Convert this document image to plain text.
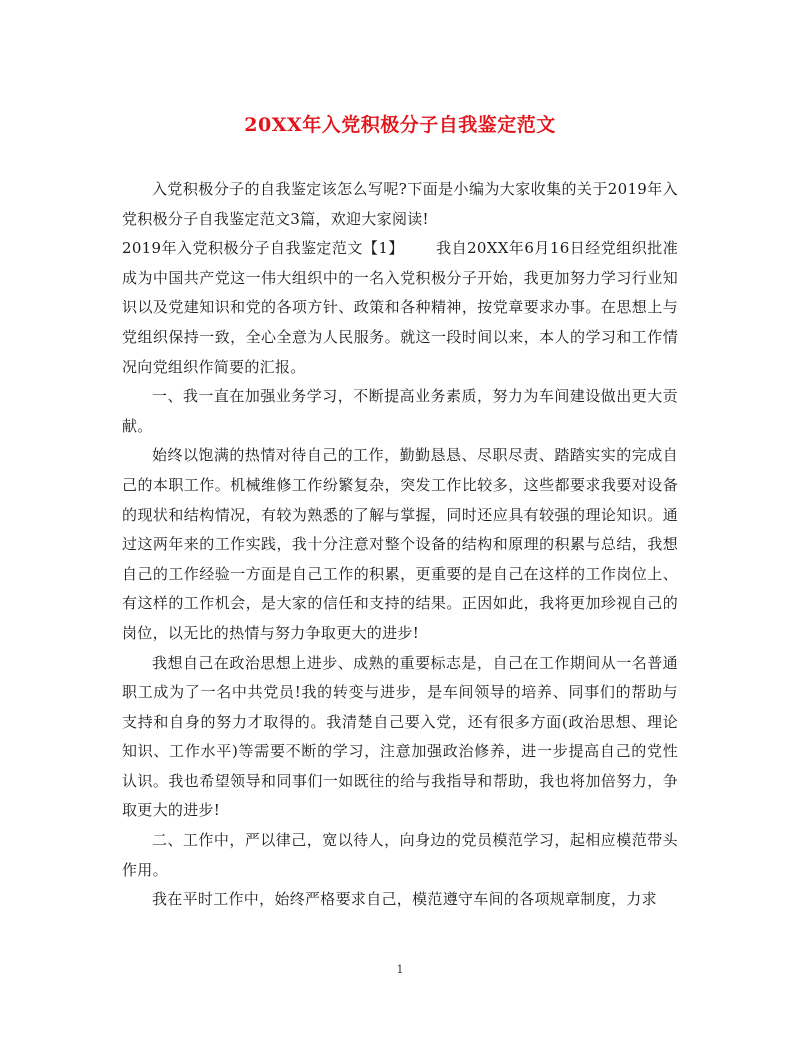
20XX年入党积极分子自我鉴定范文

入党积极分子的自我鉴定该怎么写呢?下面是小编为大家收集的关于2019年入党积极分子自我鉴定范文3篇，欢迎大家阅读!

2019年入党积极分子自我鉴定范文【1】 我自20XX年6月16日经党组织批准成为中国共产党这一伟大组织中的一名入党积极分子开始，我更加努力学习行业知识以及党建知识和党的各项方针、政策和各种精神，按党章要求办事。在思想上与党组织保持一致，全心全意为人民服务。就这一段时间以来，本人的学习和工作情况向党组织作简要的汇报。

一、我一直在加强业务学习，不断提高业务素质，努力为车间建设做出更大贡献。

始终以饱满的热情对待自己的工作，勤勤恳恳、尽职尽责、踏踏实实的完成自己的本职工作。机械维修工作纷繁复杂，突发工作比较多，这些都要求我要对设备的现状和结构情况，有较为熟悉的了解与掌握，同时还应具有较强的理论知识。通过这两年来的工作实践，我十分注意对整个设备的结构和原理的积累与总结，我想自己的工作经验一方面是自己工作的积累，更重要的是自己在这样的工作岗位上、有这样的工作机会，是大家的信任和支持的结果。正因如此，我将更加珍视自己的岗位，以无比的热情与努力争取更大的进步!

我想自己在政治思想上进步、成熟的重要标志是，自己在工作期间从一名普通职工成为了一名中共党员!我的转变与进步，是车间领导的培养、同事们的帮助与支持和自身的努力才取得的。我清楚自己要入党，还有很多方面(政治思想、理论知识、工作水平)等需要不断的学习，注意加强政治修养，进一步提高自己的党性认识。我也希望领导和同事们一如既往的给与我指导和帮助，我也将加倍努力，争取更大的进步!

二、工作中，严以律己，宽以待人，向身边的党员模范学习，起相应模范带头作用。

我在平时工作中，始终严格要求自己，模范遵守车间的各项规章制度，力求

1
